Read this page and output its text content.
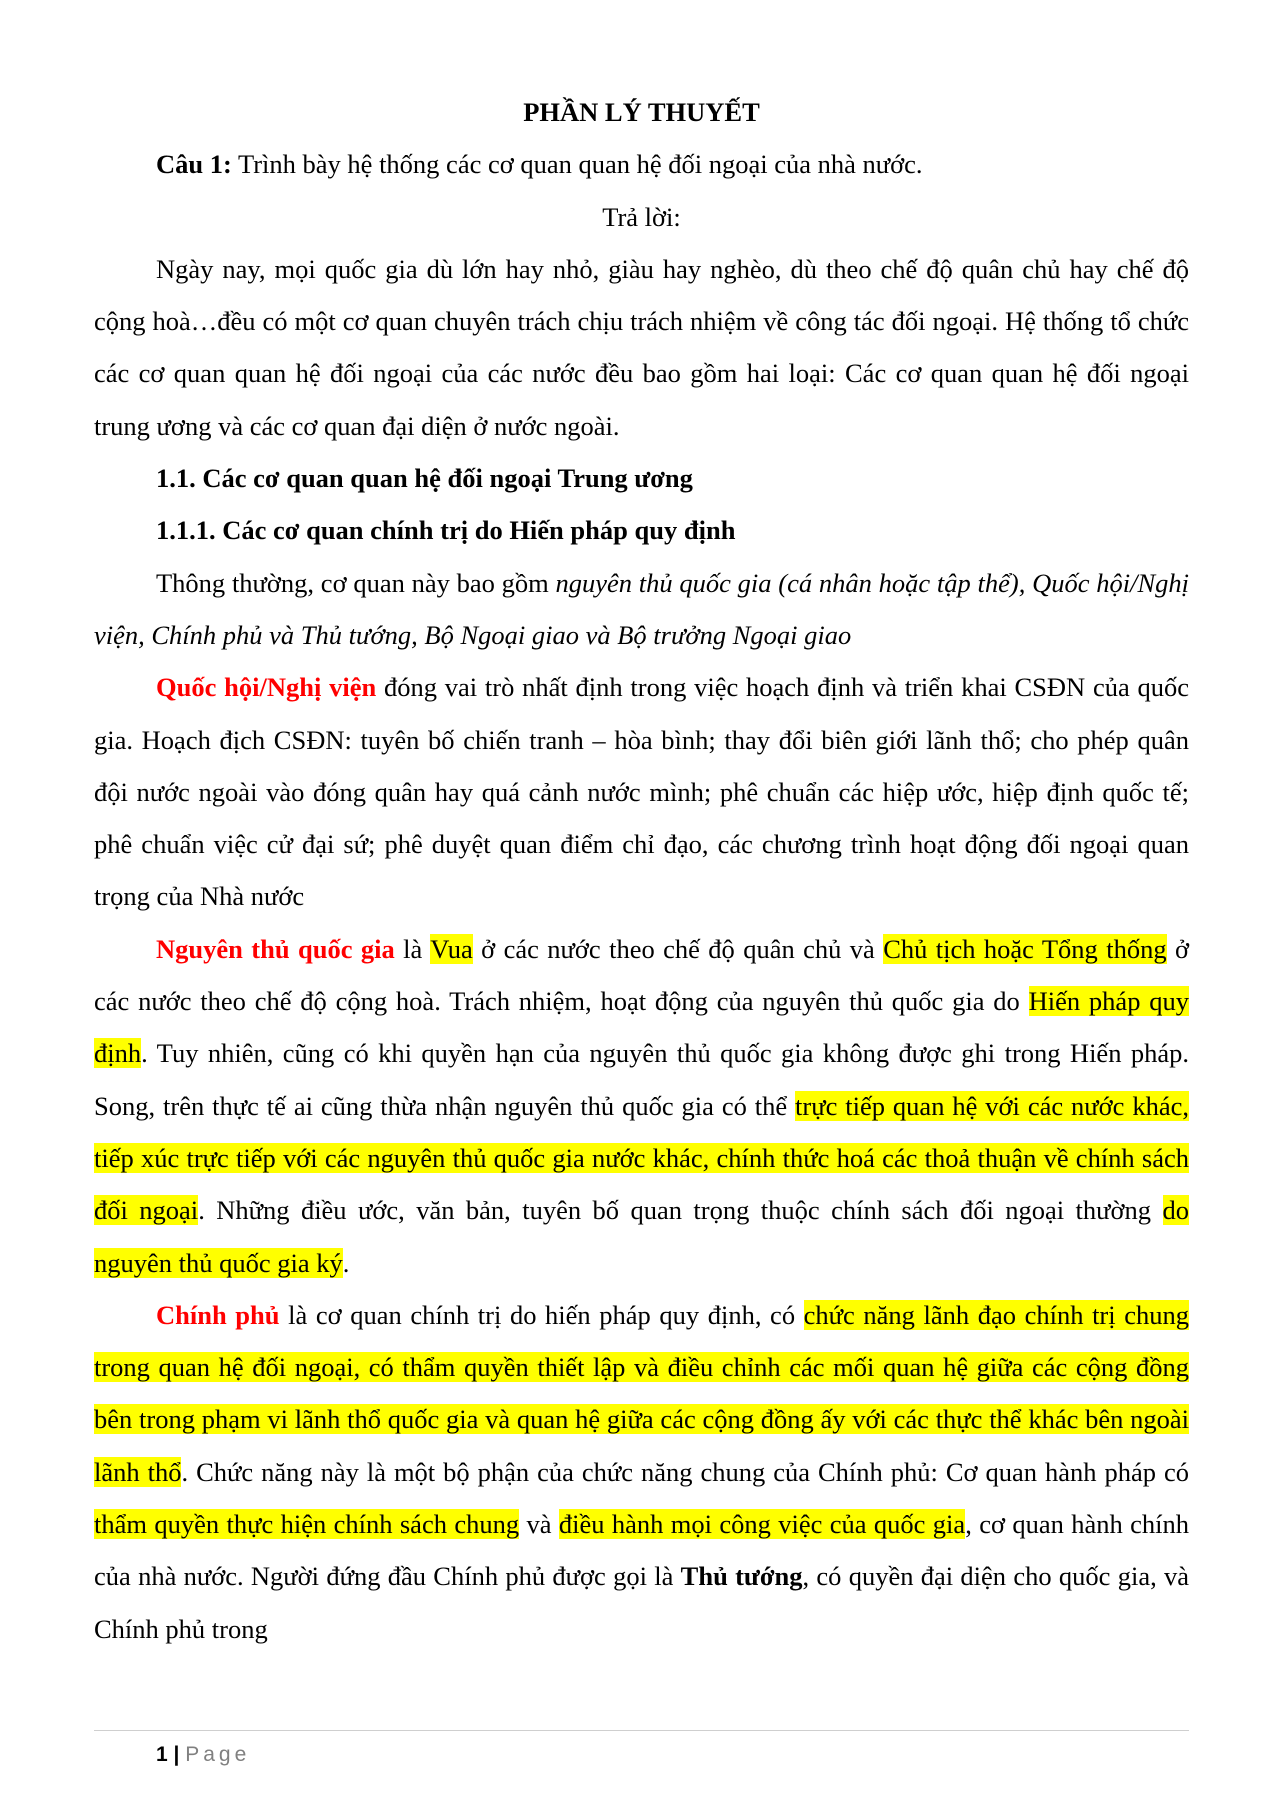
PHẦN LÝ THUYẾT

Câu 1: Trình bày hệ thống các cơ quan quan hệ đối ngoại của nhà nước.

Trả lời:

Ngày nay, mọi quốc gia dù lớn hay nhỏ, giàu hay nghèo, dù theo chế độ quân chủ hay chế độ cộng hoà…đều có một cơ quan chuyên trách chịu trách nhiệm về công tác đối ngoại. Hệ thống tổ chức các cơ quan quan hệ đối ngoại của các nước đều bao gồm hai loại: Các cơ quan quan hệ đối ngoại trung ương và các cơ quan đại diện ở nước ngoài.

1.1. Các cơ quan quan hệ đối ngoại Trung ương

1.1.1. Các cơ quan chính trị do Hiến pháp quy định

Thông thường, cơ quan này bao gồm nguyên thủ quốc gia (cá nhân hoặc tập thể), Quốc hội/Nghị viện, Chính phủ và Thủ tướng, Bộ Ngoại giao và Bộ trưởng Ngoại giao

Quốc hội/Nghị viện đóng vai trò nhất định trong việc hoạch định và triển khai CSĐN của quốc gia. Hoạch địch CSĐN: tuyên bố chiến tranh – hòa bình; thay đổi biên giới lãnh thổ; cho phép quân đội nước ngoài vào đóng quân hay quá cảnh nước mình; phê chuẩn các hiệp ước, hiệp định quốc tế; phê chuẩn việc cử đại sứ; phê duyệt quan điểm chỉ đạo, các chương trình hoạt động đối ngoại quan trọng của Nhà nước

Nguyên thủ quốc gia là Vua ở các nước theo chế độ quân chủ và Chủ tịch hoặc Tổng thống ở các nước theo chế độ cộng hoà. Trách nhiệm, hoạt động của nguyên thủ quốc gia do Hiến pháp quy định. Tuy nhiên, cũng có khi quyền hạn của nguyên thủ quốc gia không được ghi trong Hiến pháp. Song, trên thực tế ai cũng thừa nhận nguyên thủ quốc gia có thể trực tiếp quan hệ với các nước khác, tiếp xúc trực tiếp với các nguyên thủ quốc gia nước khác, chính thức hoá các thoả thuận về chính sách đối ngoại. Những điều ước, văn bản, tuyên bố quan trọng thuộc chính sách đối ngoại thường do nguyên thủ quốc gia ký.

Chính phủ là cơ quan chính trị do hiến pháp quy định, có chức năng lãnh đạo chính trị chung trong quan hệ đối ngoại, có thẩm quyền thiết lập và điều chỉnh các mối quan hệ giữa các cộng đồng bên trong phạm vi lãnh thổ quốc gia và quan hệ giữa các cộng đồng ấy với các thực thể khác bên ngoài lãnh thổ. Chức năng này là một bộ phận của chức năng chung của Chính phủ: Cơ quan hành pháp có thẩm quyền thực hiện chính sách chung và điều hành mọi công việc của quốc gia, cơ quan hành chính của nhà nước. Người đứng đầu Chính phủ được gọi là Thủ tướng, có quyền đại diện cho quốc gia, và Chính phủ trong

1 | Page
